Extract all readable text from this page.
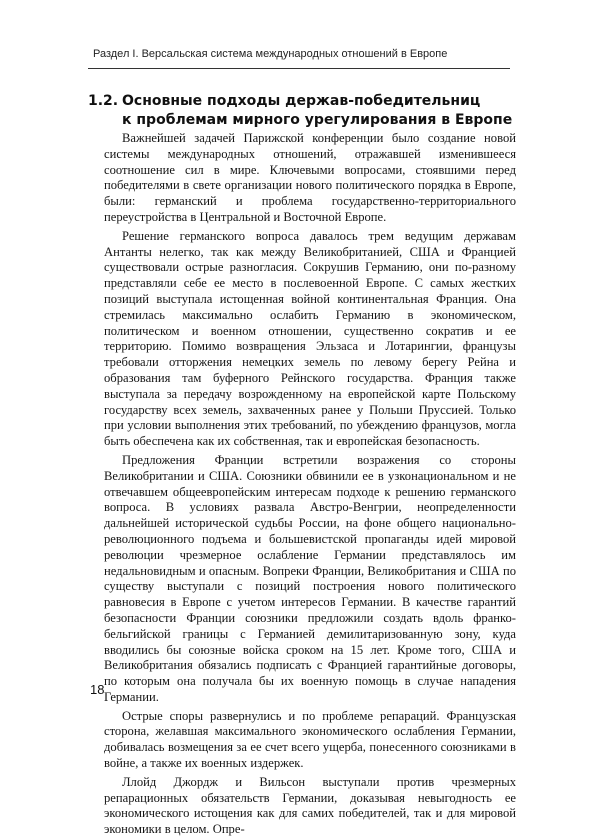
Раздел I. Версальская система международных отношений в Европе
1.2. Основные подходы держав-победительниц
к проблемам мирного урегулирования в Европе

Важнейшей задачей Парижской конференции было создание новой системы международных отношений, отражавшей изменившееся соотношение сил в мире. Ключевыми вопросами, стоявшими перед победителями в свете организации нового политического порядка в Европе, были: германский и проблема государственно-территориального переустройства в Центральной и Восточной Европе.

Решение германского вопроса давалось трем ведущим державам Антанты нелегко, так как между Великобританией, США и Францией существовали острые разногласия. Сокрушив Германию, они по-разному представляли себе ее место в послевоенной Европе. С самых жестких позиций выступала истощенная войной континентальная Франция. Она стремилась максимально ослабить Германию в экономическом, политическом и военном отношении, существенно сократив и ее территорию. Помимо возвращения Эльзаса и Лотарингии, французы требовали отторжения немецких земель по левому берегу Рейна и образования там буферного Рейнского государства. Франция также выступала за передачу возрожденному на европейской карте Польскому государству всех земель, захваченных ранее у Польши Пруссией. Только при условии выполнения этих требований, по убеждению французов, могла быть обеспечена как их собственная, так и европейская безопасность.

Предложения Франции встретили возражения со стороны Великобритании и США. Союзники обвинили ее в узконациональном и не отвечавшем общеевропейским интересам подходе к решению германского вопроса. В условиях развала Австро-Венгрии, неопределенности дальнейшей исторической судьбы России, на фоне общего национально-революционного подъема и большевистской пропаганды идей мировой революции чрезмерное ослабление Германии представлялось им недальновидным и опасным. Вопреки Франции, Великобритания и США по существу выступали с позиций построения нового политического равновесия в Европе с учетом интересов Германии. В качестве гарантий безопасности Франции союзники предложили создать вдоль франко-бельгийской границы с Германией демилитаризованную зону, куда вводились бы союзные войска сроком на 15 лет. Кроме того, США и Великобритания обязались подписать с Францией гарантийные договоры, по которым она получала бы их военную помощь в случае нападения Германии.

Острые споры развернулись и по проблеме репараций. Французская сторона, желавшая максимального экономического ослабления Германии, добивалась возмещения за ее счет всего ущерба, понесенного союзниками в войне, а также их военных издержек.

Ллойд Джордж и Вильсон выступали против чрезмерных репарационных обязательств Германии, доказывая невыгодность ее экономического истощения как для самих победителей, так и для мировой экономики в целом. Опре-

18
